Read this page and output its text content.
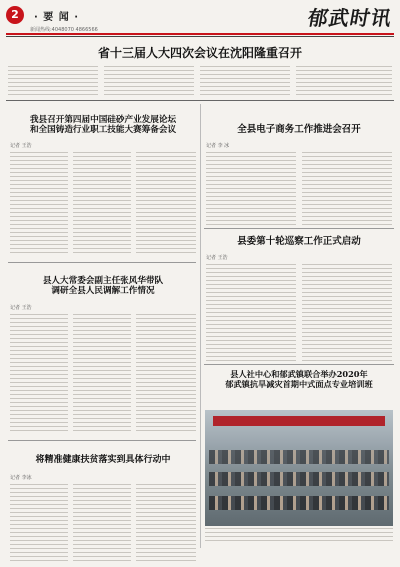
2	· 要 闻 ·
新闻热线:4048070 4866566	郁武时讯
省十三届人大四次会议在沈阳隆重召开
我县召开第四届中国硅砂产业发展论坛
和全国铸造行业职工技能大赛筹备会议
记者 王浩
县人大常委会副主任张风华带队
调研全县人民调解工作情况
记者 王浩
将精准健康扶贫落实到具体行动中
记者 李冰
全县电子商务工作推进会召开
记者 李 冰
县委第十轮巡察工作正式启动
记者 王浩
县人社中心和郁武镇联合举办2020年
郁武镇抗旱减灾首期中式面点专业培训班
